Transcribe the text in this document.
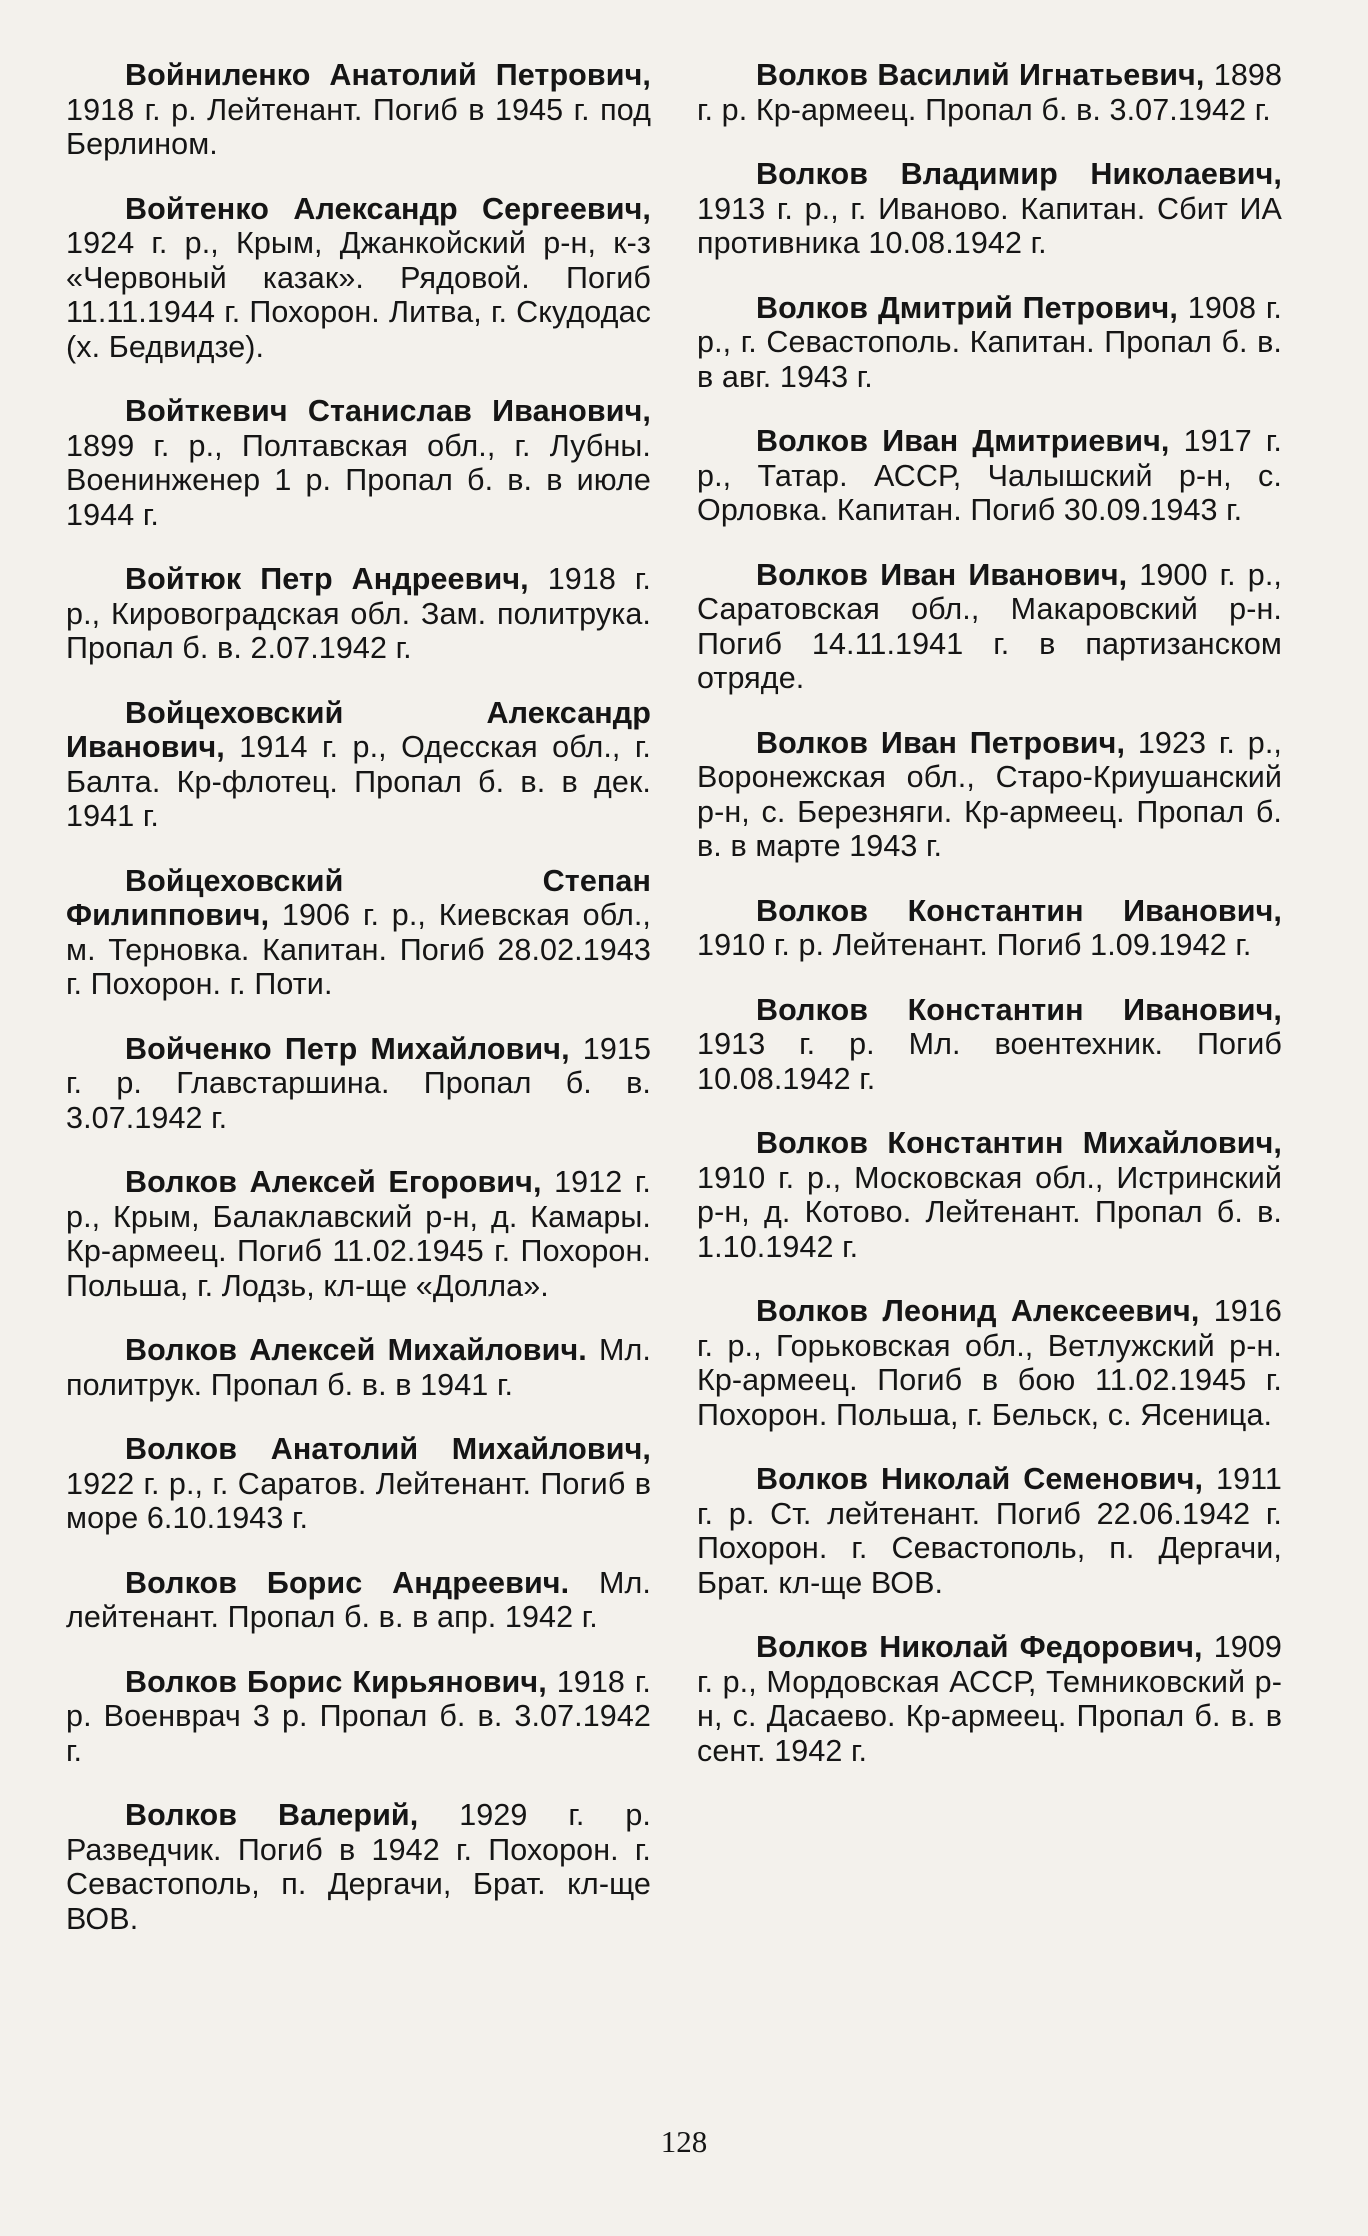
Войниленко Анатолий Петрович, 1918 г. р. Лейтенант. Погиб в 1945 г. под Берлином.

Войтенко Александр Сергеевич, 1924 г. р., Крым, Джанкойский р-н, к-з «Червоный казак». Рядовой. Погиб 11.11.1944 г. Похорон. Литва, г. Скудодас (х. Бедвидзе).

Войткевич Станислав Иванович, 1899 г. р., Полтавская обл., г. Лубны. Военинженер 1 р. Пропал б. в. в июле 1944 г.

Войтюк Петр Андреевич, 1918 г. р., Кировоградская обл. Зам. политрука. Пропал б. в. 2.07.1942 г.

Войцеховский Александр Иванович, 1914 г. р., Одесская обл., г. Балта. Кр-флотец. Пропал б. в. в дек. 1941 г.

Войцеховский Степан Филиппович, 1906 г. р., Киевская обл., м. Терновка. Капитан. Погиб 28.02.1943 г. Похорон. г. Поти.

Войченко Петр Михайлович, 1915 г. р. Главстаршина. Пропал б. в. 3.07.1942 г.

Волков Алексей Егорович, 1912 г. р., Крым, Балаклавский р-н, д. Камары. Кр-армеец. Погиб 11.02.1945 г. Похорон. Польша, г. Лодзь, кл-ще «Долла».

Волков Алексей Михайлович. Мл. политрук. Пропал б. в. в 1941 г.

Волков Анатолий Михайлович, 1922 г. р., г. Саратов. Лейтенант. Погиб в море 6.10.1943 г.

Волков Борис Андреевич. Мл. лейтенант. Пропал б. в. в апр. 1942 г.

Волков Борис Кирьянович, 1918 г. р. Военврач 3 р. Пропал б. в. 3.07.1942 г.

Волков Валерий, 1929 г. р. Разведчик. Погиб в 1942 г. Похорон. г. Севастополь, п. Дергачи, Брат. кл-ще ВОВ.

Волков Василий Игнатьевич, 1898 г. р. Кр-армеец. Пропал б. в. 3.07.1942 г.

Волков Владимир Николаевич, 1913 г. р., г. Иваново. Капитан. Сбит ИА противника 10.08.1942 г.

Волков Дмитрий Петрович, 1908 г. р., г. Севастополь. Капитан. Пропал б. в. в авг. 1943 г.

Волков Иван Дмитриевич, 1917 г. р., Татар. АССР, Чалышский р-н, с. Орловка. Капитан. Погиб 30.09.1943 г.

Волков Иван Иванович, 1900 г. р., Саратовская обл., Макаровский р-н. Погиб 14.11.1941 г. в партизанском отряде.

Волков Иван Петрович, 1923 г. р., Воронежская обл., Старо-Криушанский р-н, с. Березняги. Кр-армеец. Пропал б. в. в марте 1943 г.

Волков Константин Иванович, 1910 г. р. Лейтенант. Погиб 1.09.1942 г.

Волков Константин Иванович, 1913 г. р. Мл. воентехник. Погиб 10.08.1942 г.

Волков Константин Михайлович, 1910 г. р., Московская обл., Истринский р-н, д. Котово. Лейтенант. Пропал б. в. 1.10.1942 г.

Волков Леонид Алексеевич, 1916 г. р., Горьковская обл., Ветлужский р-н. Кр-армеец. Погиб в бою 11.02.1945 г. Похорон. Польша, г. Бельск, с. Ясеница.

Волков Николай Семенович, 1911 г. р. Ст. лейтенант. Погиб 22.06.1942 г. Похорон. г. Севастополь, п. Дергачи, Брат. кл-ще ВОВ.

Волков Николай Федорович, 1909 г. р., Мордовская АССР, Темниковский р-н, с. Дасаево. Кр-армеец. Пропал б. в. в сент. 1942 г.

128
